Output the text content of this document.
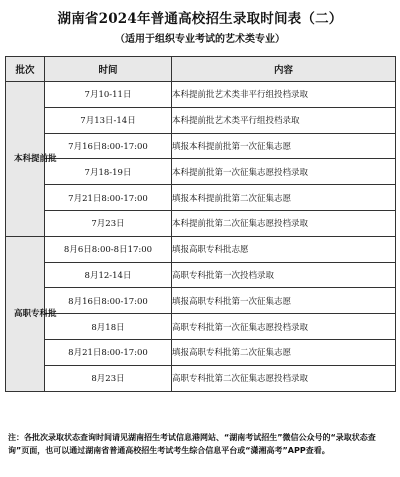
湖南省2024年普通高校招生录取时间表（二）
（适用于组织专业考试的艺术类专业）
批次	时间	内容
本科提前批	7月10-11日	本科提前批艺术类非平行组投档录取
	7月13日-14日	本科提前批艺术类平行组投档录取
	7月16日8:00-17:00	填报本科提前批第一次征集志愿
	7月18-19日	本科提前批第一次征集志愿投档录取
	7月21日8:00-17:00	填报本科提前批第二次征集志愿
	7月23日	本科提前批第二次征集志愿投档录取
高职专科批	8月6日8:00-8日17:00	填报高职专科批志愿
	8月12-14日	高职专科批第一次投档录取
	8月16日8:00-17:00	填报高职专科批第一次征集志愿
	8月18日	高职专科批第一次征集志愿投档录取
	8月21日8:00-17:00	填报高职专科批第二次征集志愿
	8月23日	高职专科批第二次征集志愿投档录取
注：各批次录取状态查询时间请见湖南招生考试信息港网站、“湖南考试招生”微信公众号的“录取状态查询”页面，也可以通过湖南省普通高校招生考试考生综合信息平台或“潇湘高考”APP查看。
